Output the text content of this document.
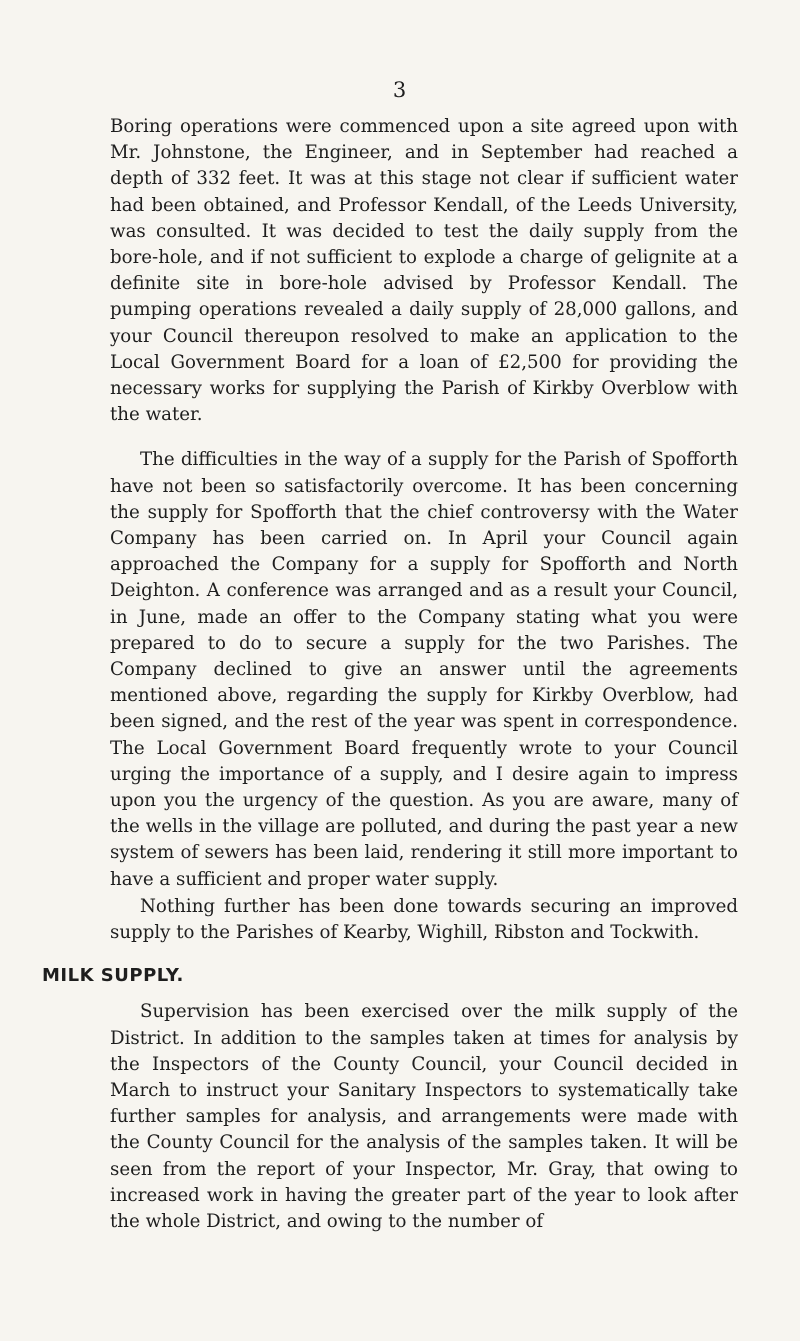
3

Boring operations were commenced upon a site agreed upon with Mr. Johnstone, the Engineer, and in September had reached a depth of 332 feet. It was at this stage not clear if sufficient water had been obtained, and Professor Kendall, of the Leeds University, was consulted. It was decided to test the daily supply from the bore-hole, and if not sufficient to explode a charge of gelignite at a definite site in bore-hole advised by Professor Kendall. The pumping operations revealed a daily supply of 28,000 gallons, and your Council thereupon resolved to make an application to the Local Government Board for a loan of £2,500 for providing the necessary works for supplying the Parish of Kirkby Overblow with the water.

The difficulties in the way of a supply for the Parish of Spofforth have not been so satisfactorily overcome. It has been concerning the supply for Spofforth that the chief controversy with the Water Company has been carried on. In April your Council again approached the Company for a supply for Spofforth and North Deighton. A conference was arranged and as a result your Council, in June, made an offer to the Company stating what you were prepared to do to secure a supply for the two Parishes. The Company declined to give an answer until the agreements mentioned above, regarding the supply for Kirkby Overblow, had been signed, and the rest of the year was spent in correspondence. The Local Government Board frequently wrote to your Council urging the importance of a supply, and I desire again to impress upon you the urgency of the question. As you are aware, many of the wells in the village are polluted, and during the past year a new system of sewers has been laid, rendering it still more important to have a sufficient and proper water supply.

Nothing further has been done towards securing an improved supply to the Parishes of Kearby, Wighill, Ribston and Tockwith.

MILK SUPPLY.

Supervision has been exercised over the milk supply of the District. In addition to the samples taken at times for analysis by the Inspectors of the County Council, your Council decided in March to instruct your Sanitary Inspectors to systematically take further samples for analysis, and arrangements were made with the County Council for the analysis of the samples taken. It will be seen from the report of your Inspector, Mr. Gray, that owing to increased work in having the greater part of the year to look after the whole District, and owing to the number of
